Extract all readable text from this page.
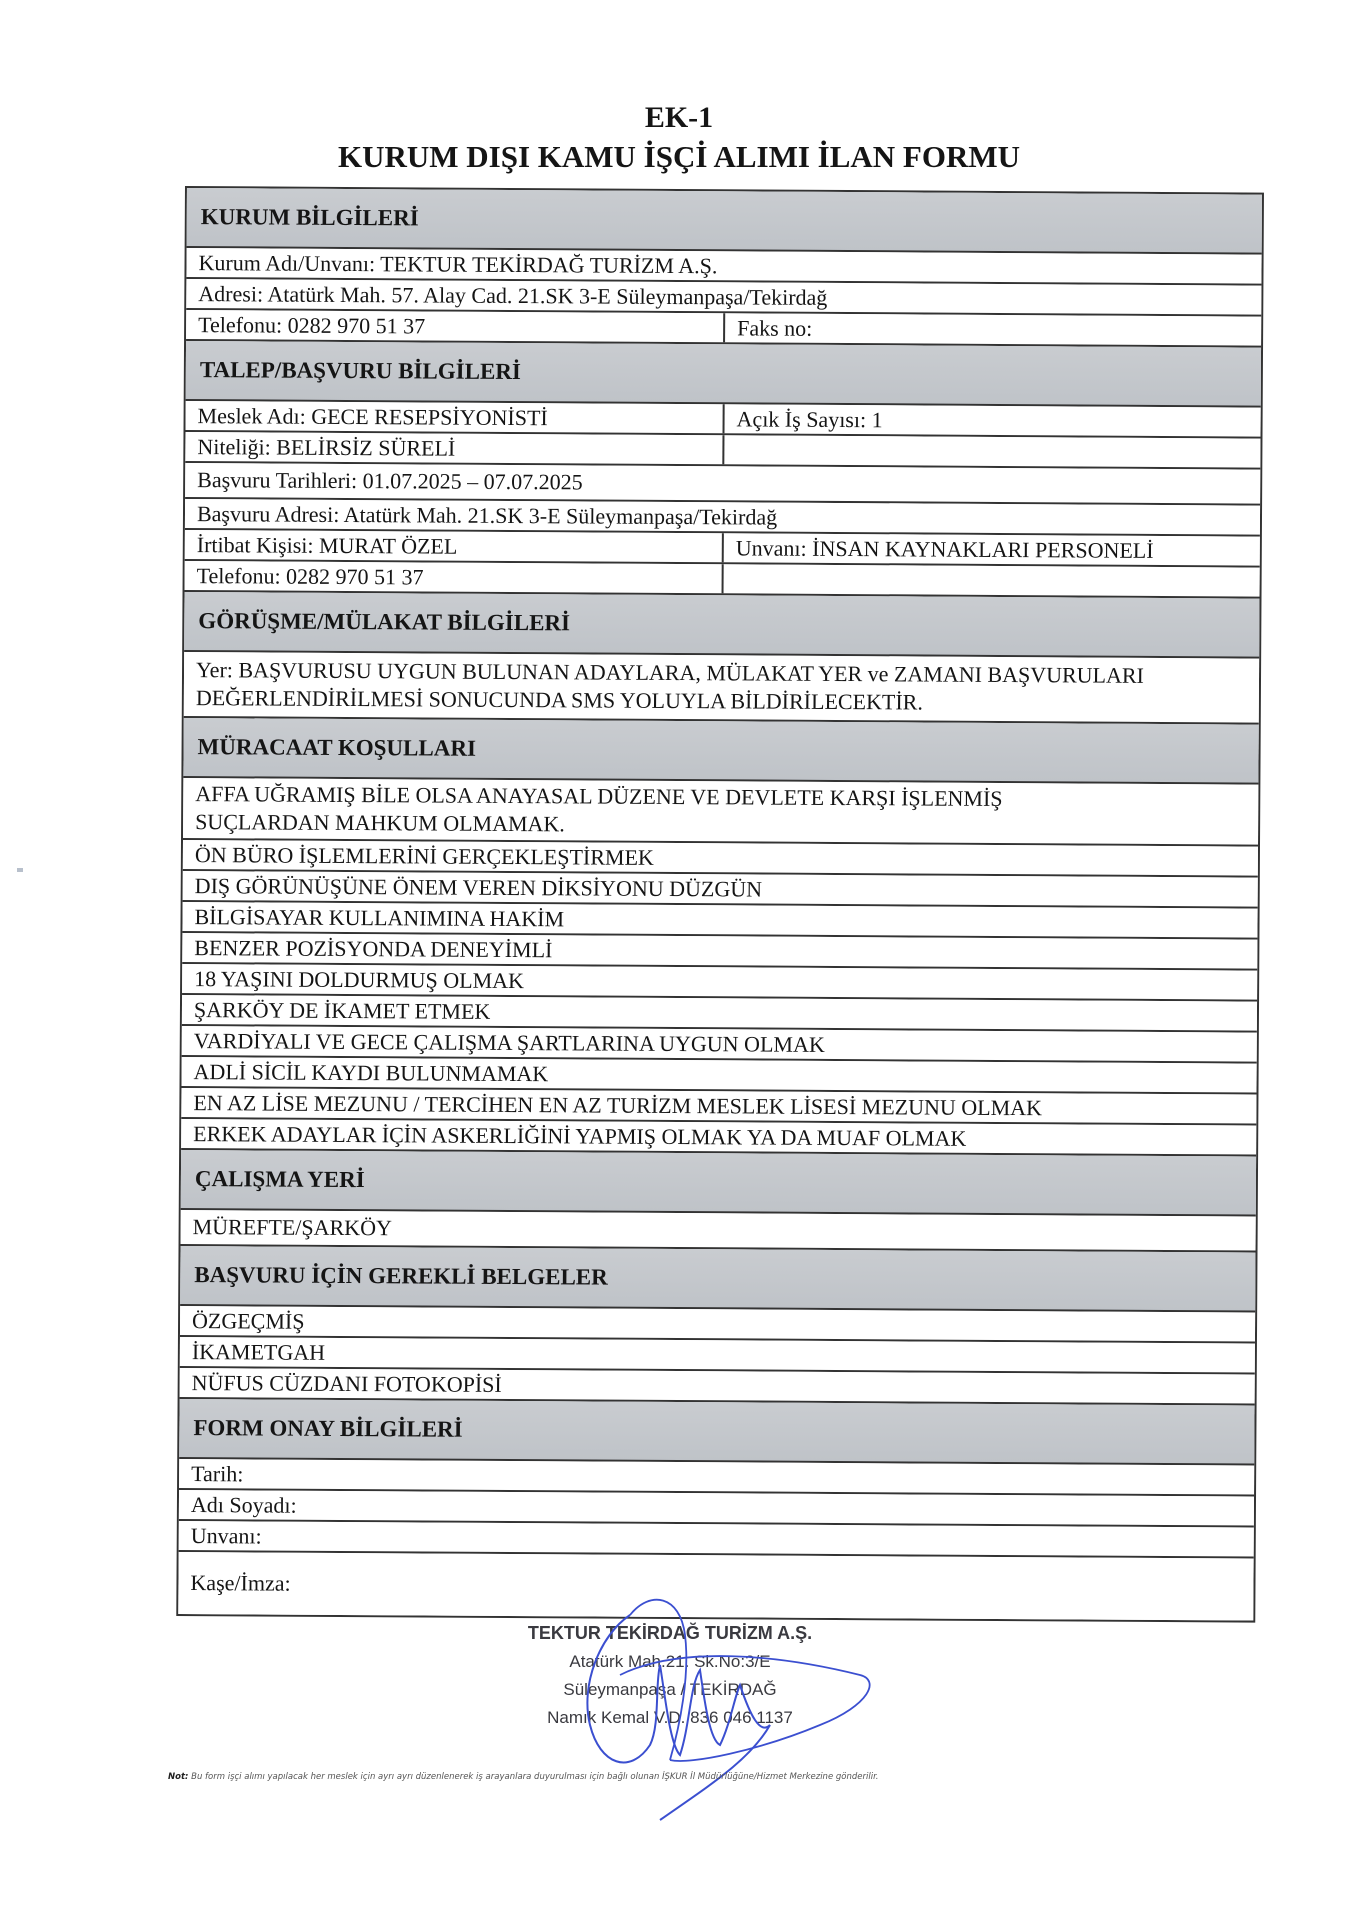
EK-1
KURUM DIŞI KAMU İŞÇİ ALIMI İLAN FORMU
KURUM BİLGİLERİ
Kurum Adı/Unvanı: TEKTUR TEKİRDAĞ TURİZM A.Ş.
Adresi: Atatürk Mah. 57. Alay Cad. 21.SK 3-E Süleymanpaşa/Tekirdağ
Telefonu: 0282 970 51 37	Faks no:
TALEP/BAŞVURU BİLGİLERİ
Meslek Adı: GECE RESEPSİYONİSTİ	Açık İş Sayısı: 1
Niteliği: BELİRSİZ SÜRELİ
Başvuru Tarihleri: 01.07.2025 – 07.07.2025
Başvuru Adresi: Atatürk Mah. 21.SK 3-E Süleymanpaşa/Tekirdağ
İrtibat Kişisi: MURAT ÖZEL	Unvanı: İNSAN KAYNAKLARI PERSONELİ
Telefonu: 0282 970 51 37
GÖRÜŞME/MÜLAKAT BİLGİLERİ
Yer: BAŞVURUSU UYGUN BULUNAN ADAYLARA, MÜLAKAT YER ve ZAMANI BAŞVURULARI DEĞERLENDİRİLMESİ SONUCUNDA SMS YOLUYLA BİLDİRİLECEKTİR.
MÜRACAAT KOŞULLARI
AFFA UĞRAMIŞ BİLE OLSA ANAYASAL DÜZENE VE DEVLETE KARŞI İŞLENMİŞ SUÇLARDAN MAHKUM OLMAMAK.
ÖN BÜRO İŞLEMLERİNİ GERÇEKLEŞTİRMEK
DIŞ GÖRÜNÜŞÜNE ÖNEM VEREN DİKSİYONU DÜZGÜN
BİLGİSAYAR KULLANIMINA HAKİM
BENZER POZİSYONDA DENEYİMLİ
18 YAŞINI DOLDURMUŞ OLMAK
ŞARKÖY DE İKAMET ETMEK
VARDİYALI VE GECE ÇALIŞMA ŞARTLARINA UYGUN OLMAK
ADLİ SİCİL KAYDI BULUNMAMAK
EN AZ LİSE MEZUNU / TERCİHEN EN AZ TURİZM MESLEK LİSESİ MEZUNU OLMAK
ERKEK ADAYLAR İÇİN ASKERLİĞİNİ YAPMIŞ OLMAK YA DA MUAF OLMAK
ÇALIŞMA YERİ
MÜREFTE/ŞARKÖY
BAŞVURU İÇİN GEREKLİ BELGELER
ÖZGEÇMİŞ
İKAMETGAH
NÜFUS CÜZDANI FOTOKOPİSİ
FORM ONAY BİLGİLERİ
Tarih:
Adı Soyadı:
Unvanı:
Kaşe/İmza:
TEKTUR TEKİRDAĞ TURİZM A.Ş.
Atatürk Mah.21. Sk.No:3/E
Süleymanpaşa / TEKİRDAĞ
Namık Kemal V.D. 836 046 1137
Not: Bu form işçi alımı yapılacak her meslek için ayrı ayrı düzenlenerek iş arayanlara duyurulması için bağlı olunan İŞKUR İl Müdürlüğüne/Hizmet Merkezine gönderilir.
